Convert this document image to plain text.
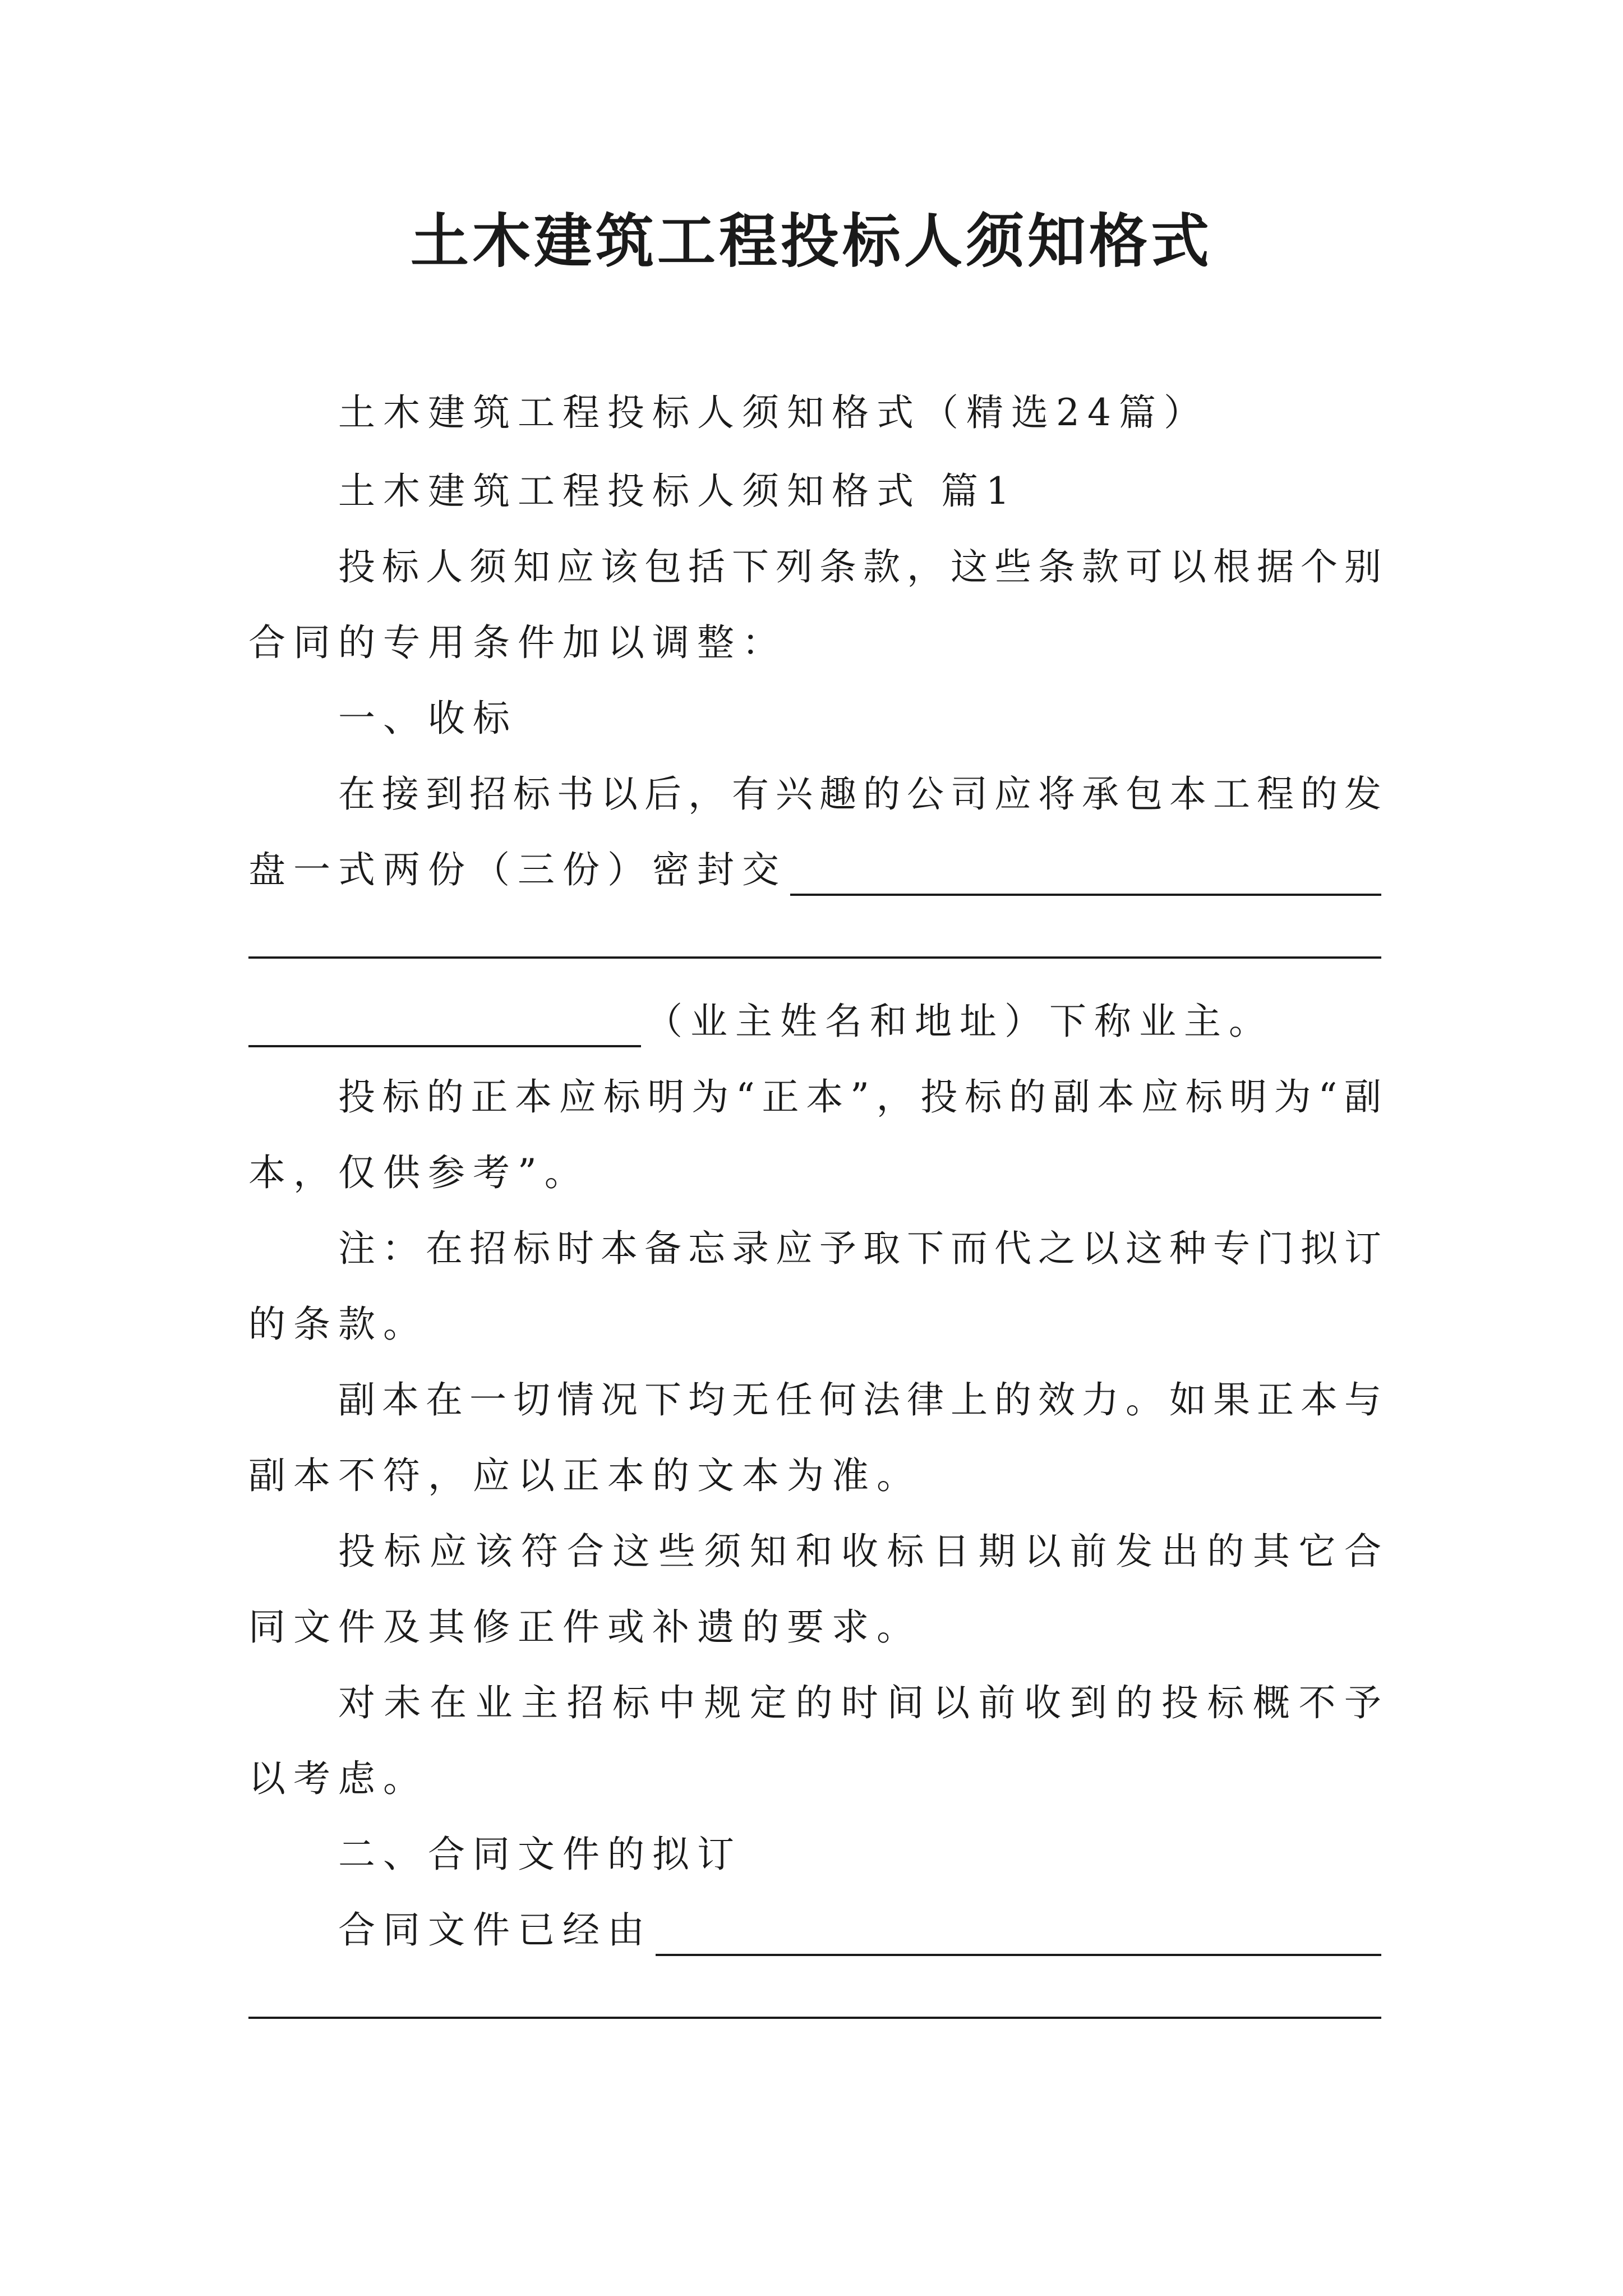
土木建筑工程投标人须知格式
土木建筑工程投标人须知格式（精选24篇）
土木建筑工程投标人须知格式 篇1
投标人须知应该包括下列条款，这些条款可以根据个别
合同的专用条件加以调整：
一、收标
在接到招标书以后，有兴趣的公司应将承包本工程的发
盘一式两份（三份）密封交
（业主姓名和地址）下称业主。
投标的正本应标明为“正本”，投标的副本应标明为“副
本，仅供参考”。
注：在招标时本备忘录应予取下而代之以这种专门拟订
的条款。
副本在一切情况下均无任何法律上的效力。如果正本与
副本不符，应以正本的文本为准。
投标应该符合这些须知和收标日期以前发出的其它合
同文件及其修正件或补遗的要求。
对未在业主招标中规定的时间以前收到的投标概不予
以考虑。
二、合同文件的拟订
合同文件已经由
